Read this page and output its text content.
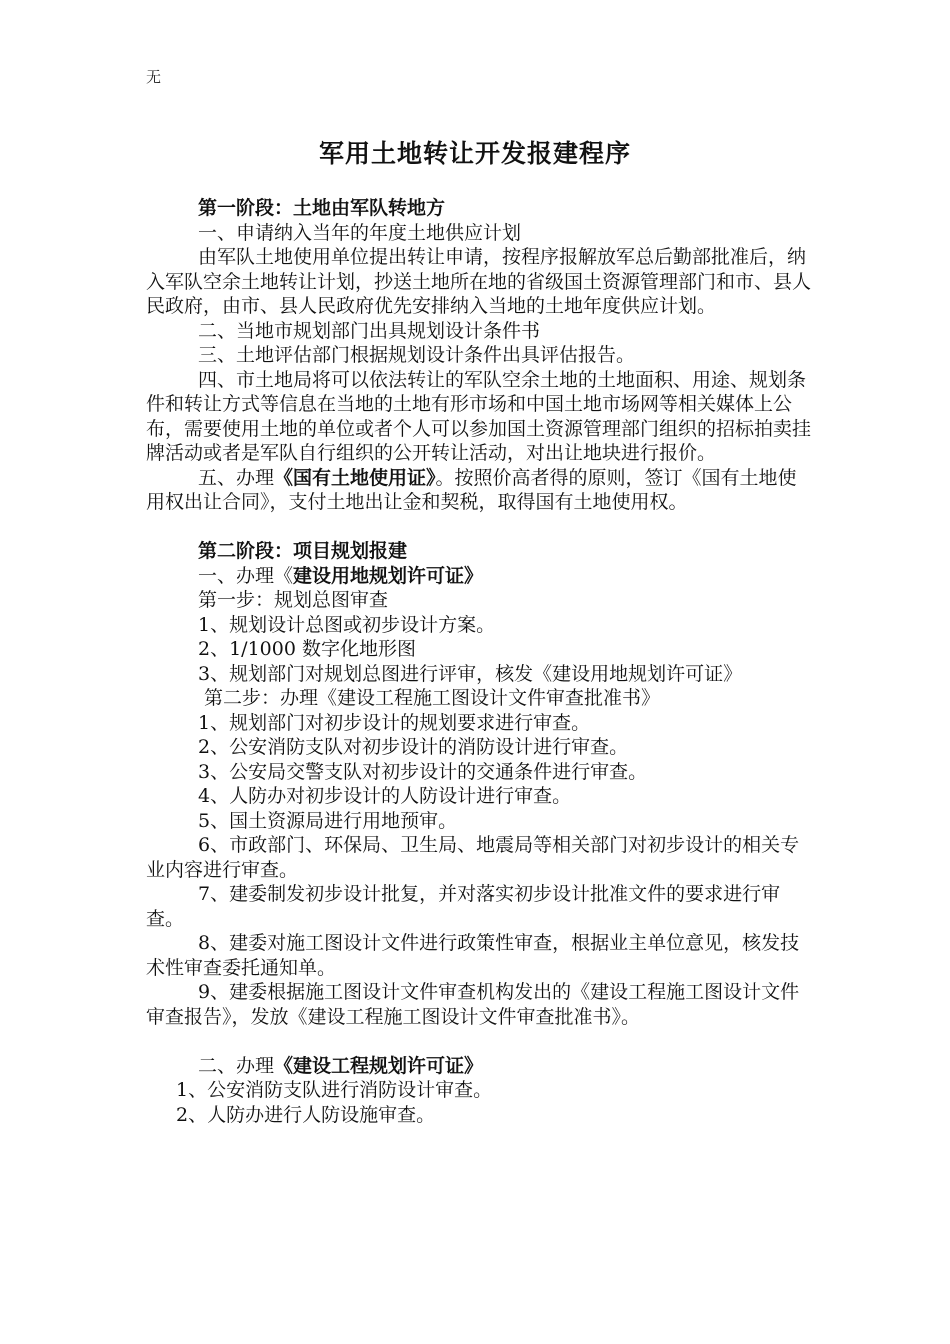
无
军用土地转让开发报建程序

第一阶段：土地由军队转地方

一、申请纳入当年的年度土地供应计划

由军队土地使用单位提出转让申请，按程序报解放军总后勤部批准后，纳入军队空余土地转让计划，抄送土地所在地的省级国土资源管理部门和市、县人民政府，由市、县人民政府优先安排纳入当地的土地年度供应计划。

二、当地市规划部门出具规划设计条件书

三、土地评估部门根据规划设计条件出具评估报告。

四、市土地局将可以依法转让的军队空余土地的土地面积、用途、规划条件和转让方式等信息在当地的土地有形市场和中国土地市场网等相关媒体上公布，需要使用土地的单位或者个人可以参加国土资源管理部门组织的招标拍卖挂牌活动或者是军队自行组织的公开转让活动，对出让地块进行报价。

五、办理《国有土地使用证》。按照价高者得的原则，签订《国有土地使用权出让合同》，支付土地出让金和契税，取得国有土地使用权。

第二阶段：项目规划报建

一、办理《建设用地规划许可证》

第一步：规划总图审查

1、规划设计总图或初步设计方案。

2、1/1000 数字化地形图

3、规划部门对规划总图进行评审，核发《建设用地规划许可证》

第二步：办理《建设工程施工图设计文件审查批准书》

1、规划部门对初步设计的规划要求进行审查。

2、公安消防支队对初步设计的消防设计进行审查。

3、公安局交警支队对初步设计的交通条件进行审查。

4、人防办对初步设计的人防设计进行审查。

5、国土资源局进行用地预审。

6、市政部门、环保局、卫生局、地震局等相关部门对初步设计的相关专业内容进行审查。

7、建委制发初步设计批复，并对落实初步设计批准文件的要求进行审查。

8、建委对施工图设计文件进行政策性审查，根据业主单位意见，核发技术性审查委托通知单。

9、建委根据施工图设计文件审查机构发出的《建设工程施工图设计文件审查报告》，发放《建设工程施工图设计文件审查批准书》。

二、办理《建设工程规划许可证》

1、公安消防支队进行消防设计审查。

2、人防办进行人防设施审查。
